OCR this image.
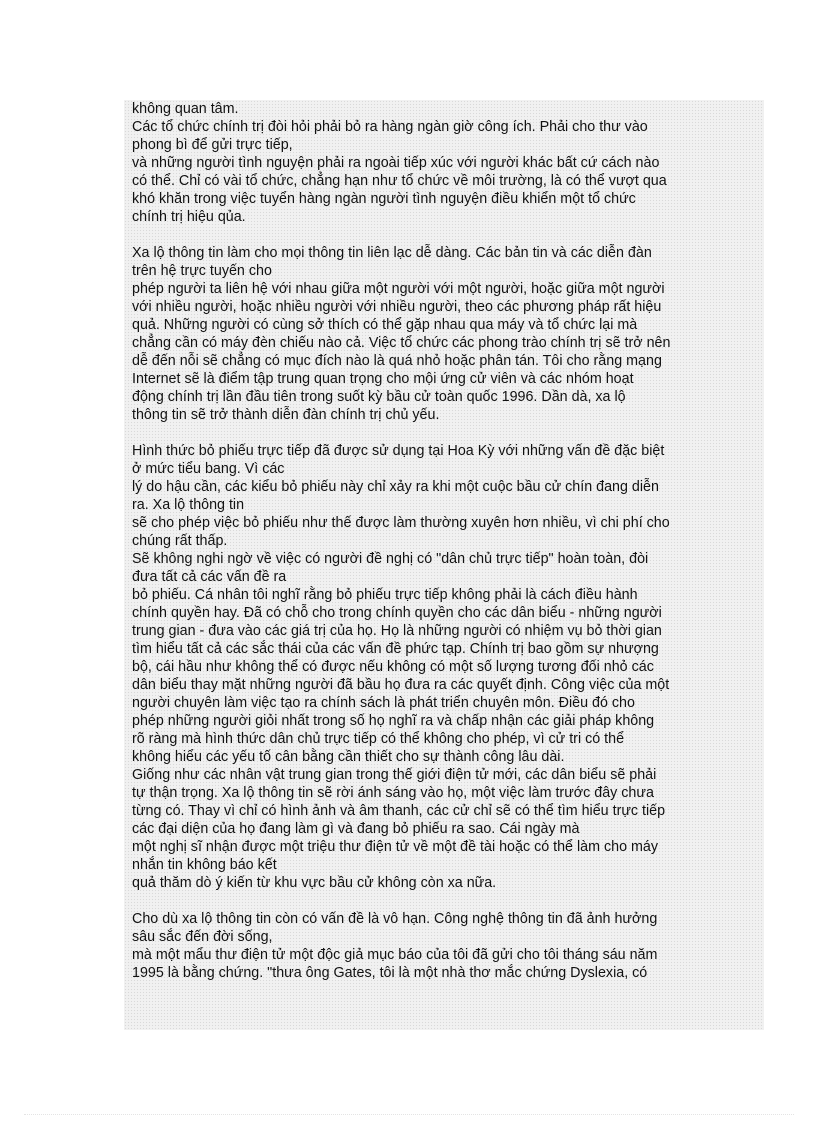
không quan tâm.
Các tổ chức chính trị đòi hỏi phải bỏ ra hàng ngàn giờ công ích. Phải cho thư vào
phong bì để gửi trực tiếp,
và những người tình nguyện phải ra ngoài tiếp xúc với người khác bất cứ cách nào
có thể. Chỉ có vài tổ chức, chẳng hạn như tổ chức về môi trường, là có thể vượt qua
khó khăn trong việc tuyển hàng ngàn người tình nguyện điều khiển một tổ chức
chính trị hiệu qủa.
Xa lộ thông tin làm cho mọi thông tin liên lạc dễ dàng. Các bản tin và các diễn đàn
trên hệ trực tuyến cho
phép người ta liên hệ với nhau giữa một người với một người, hoặc giữa một người
với nhiều người, hoặc nhiều người với nhiều người, theo các phương pháp rất hiệu
quả. Những người có cùng sở thích có thể gặp nhau qua máy và tổ chức lại mà
chẳng cần có máy đèn chiếu nào cả. Việc tổ chức các phong trào chính trị sẽ trở nên
dễ đến nỗi sẽ chẳng có mục đích nào là quá nhỏ hoặc phân tán. Tôi cho rằng mạng
Internet sẽ là điểm tập trung quan trọng cho mội ứng cử viên và các nhóm hoạt
động chính trị lần đầu tiên trong suốt kỳ bầu cử toàn quốc 1996. Dần dà, xa lộ
thông tin sẽ trở thành diễn đàn chính trị chủ yếu.
Hình thức bỏ phiếu trực tiếp đã được sử dụng tại Hoa Kỳ với những vấn đề đặc biệt
ở mức tiểu bang. Vì các
lý do hậu cần, các kiểu bỏ phiếu này chỉ xảy ra khi một cuộc bầu cử chín đang diễn
ra. Xa lộ thông tin
sẽ cho phép việc bỏ phiếu như thế được làm thường xuyên hơn nhiều, vì chi phí cho
chúng rất thấp.
Sẽ không nghi ngờ về việc có người đề nghị có "dân chủ trực tiếp" hoàn toàn, đòi
đưa tất cả các vấn đề ra
bỏ phiếu. Cá nhân tôi nghĩ rằng bỏ phiếu trực tiếp không phải là cách điều hành
chính quyền hay. Đã có chỗ cho trong chính quyền cho các dân biểu - những người
trung gian - đưa vào các giá trị của họ. Họ là những người có nhiệm vụ bỏ thời gian
tìm hiểu tất cả các sắc thái của các vấn đề phức tạp. Chính trị bao gồm sự nhượng
bộ, cái hầu như không thể có được nếu không có một số lượng tương đối nhỏ các
dân biểu thay mặt những người đã bầu họ đưa ra các quyết định. Công việc của một
người chuyên làm việc tạo ra chính sách là phát triển chuyên môn. Điều đó cho
phép những người giỏi nhất trong số họ nghĩ ra và chấp nhận các giải pháp không
rõ ràng mà hình thức dân chủ trực tiếp có thể không cho phép, vì cử tri có thể
không hiểu các yếu tố cân bằng cần thiết cho sự thành công lâu dài.
Giống như các nhân vật trung gian trong thế giới điện tử mới, các dân biểu sẽ phải
tự thận trọng. Xa lộ thông tin sẽ rời ánh sáng vào họ, một việc làm trước đây chưa
từng có. Thay vì chỉ có hình ảnh và âm thanh, các cử chỉ sẽ có thể tìm hiểu trực tiếp
các đại diện của họ đang làm gì và đang bỏ phiếu ra sao. Cái ngày mà
một nghị sĩ nhận được một triệu thư điện tử về một đề tài hoặc có thể làm cho máy
nhắn tin không báo kết
quả thăm dò ý kiến từ khu vực bầu cử không còn xa nữa.
Cho dù xa lộ thông tin còn có vấn đề là vô hạn. Công nghệ thông tin đã ảnh hưởng
sâu sắc đến đời sống,
mà một mẩu thư điện tử một độc giả mục báo của tôi đã gửi cho tôi tháng sáu năm
1995 là bằng chứng. "thưa ông Gates, tôi là một nhà thơ mắc chứng Dyslexia, có
